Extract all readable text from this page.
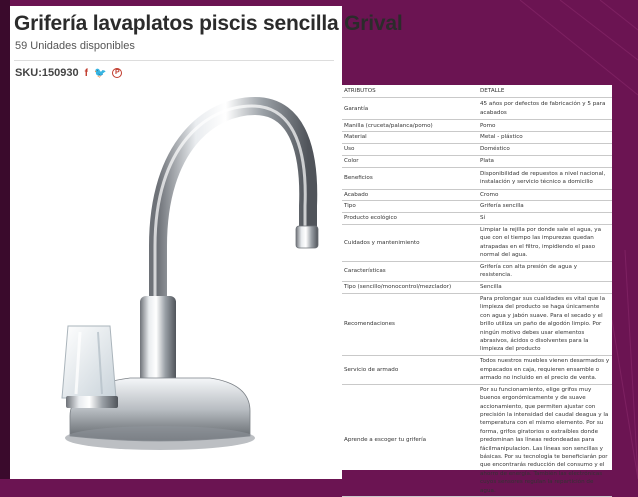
Grifería lavaplatos piscis sencilla Grival
59 Unidades disponibles
SKU:150930 f 🐦	P
ATRIBUTOS	DETALLE
Garantía	45 años por defectos de fabricación y 5 para acabados
Manilla (cruceta/palanca/pomo)	Pomo
Material	Metal - plástico
Uso	Doméstico
Color	Plata
Beneficios	Disponibilidad de repuestos a nivel nacional, instalación y servicio técnico a domicilio
Acabado	Cromo
Tipo	Grifería sencilla
Producto ecológico	Sí
Cuidados y mantenimiento	Limpiar la rejilla por donde sale el agua, ya que con el tiempo las impurezas quedan atrapadas en el filtro, impidiendo el paso normal del agua.
Características	Grifería con alta presión de agua y resistencia.
Tipo (sencillo/monocontrol/mezclador)	Sencilla
Recomendaciones	Para prolongar sus cualidades es vital que la limpieza del producto se haga únicamente con agua y jabón suave. Para el secado y el brillo utiliza un paño de algodón limpio. Por ningún motivo debes usar elementos abrasivos, ácidos o disolventes para la limpieza del producto
Servicio de armado	Todos nuestros muebles vienen desarmados y empacados en caja, requieren ensamble o armado no incluido en el precio de venta.
Aprende a escoger tu grifería	Por su funcionamiento, elige grifos muy buenos ergonómicamente y de suave accionamiento, que permiten ajustar con precisión la intensidad del caudal deagua y la temperatura con el mismo elemento. Por su forma, grifos giratorios o extraíbles donde predominan las líneas redondeadas para fácilmanipulacion. Las líneas son sencillas y básicas. Por su tecnología te beneficiarán por que encontrarás reducción del consumo y el ahorro de energía. También las electrónicas cuyos sensores regulan la repartición de agua.
